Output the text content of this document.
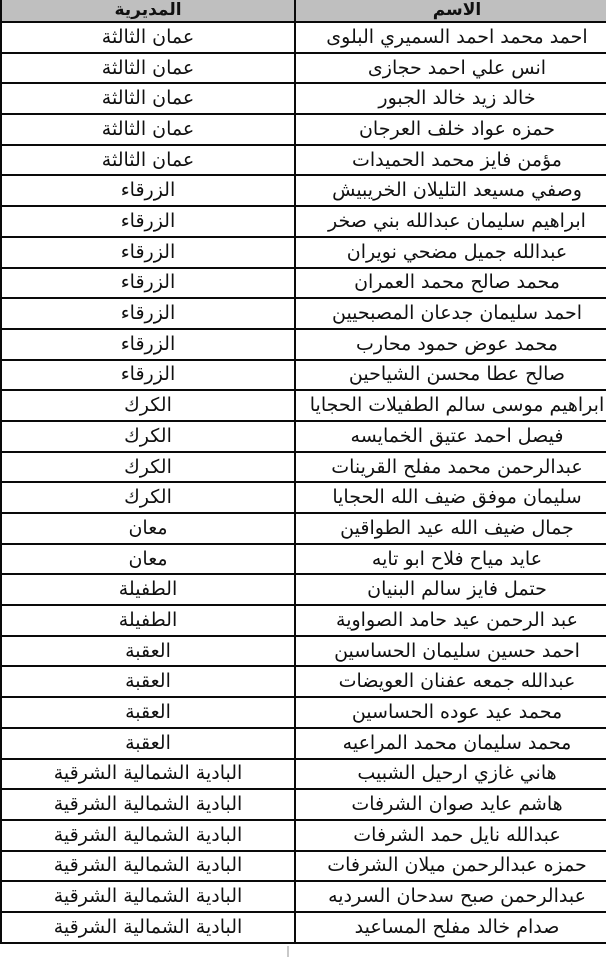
الاسم	المديرية
احمد محمد احمد السميري البلوى	عمان الثالثة
انس علي احمد حجازى	عمان الثالثة
خالد زيد خالد الجبور	عمان الثالثة
حمزه عواد خلف العرجان	عمان الثالثة
مؤمن فايز محمد الحميدات	عمان الثالثة
وصفي مسيعد التليلان الخريبيش	الزرقاء
ابراهيم سليمان عبدالله بني صخر	الزرقاء
عبدالله جميل مضحي نويران	الزرقاء
محمد صالح محمد العمران	الزرقاء
احمد سليمان جدعان المصبحيين	الزرقاء
محمد عوض حمود محارب	الزرقاء
صالح عطا محسن الشياحين	الزرقاء
ابراهيم موسى سالم الطفيلات الحجايا	الكرك
فيصل احمد عتيق الخمايسه	الكرك
عبدالرحمن محمد مفلح القرينات	الكرك
سليمان موفق ضيف الله الحجايا	الكرك
جمال ضيف الله عيد الطواقين	معان
عايد مياح فلاح ابو تايه	معان
حتمل فايز سالم البنيان	الطفيلة
عبد الرحمن عيد حامد الصواوية	الطفيلة
احمد حسين سليمان الحساسين	العقبة
عبدالله جمعه عفنان العويضات	العقبة
محمد عيد عوده الحساسين	العقبة
محمد سليمان محمد المراعيه	العقبة
هاني غازي ارحيل الشبيب	البادية الشمالية الشرقية
هاشم عايد صوان الشرفات	البادية الشمالية الشرقية
عبدالله نايل حمد الشرفات	البادية الشمالية الشرقية
حمزه عبدالرحمن ميلان الشرفات	البادية الشمالية الشرقية
عبدالرحمن صبح سدحان السرديه	البادية الشمالية الشرقية
صدام خالد مفلح المساعيد	البادية الشمالية الشرقية
